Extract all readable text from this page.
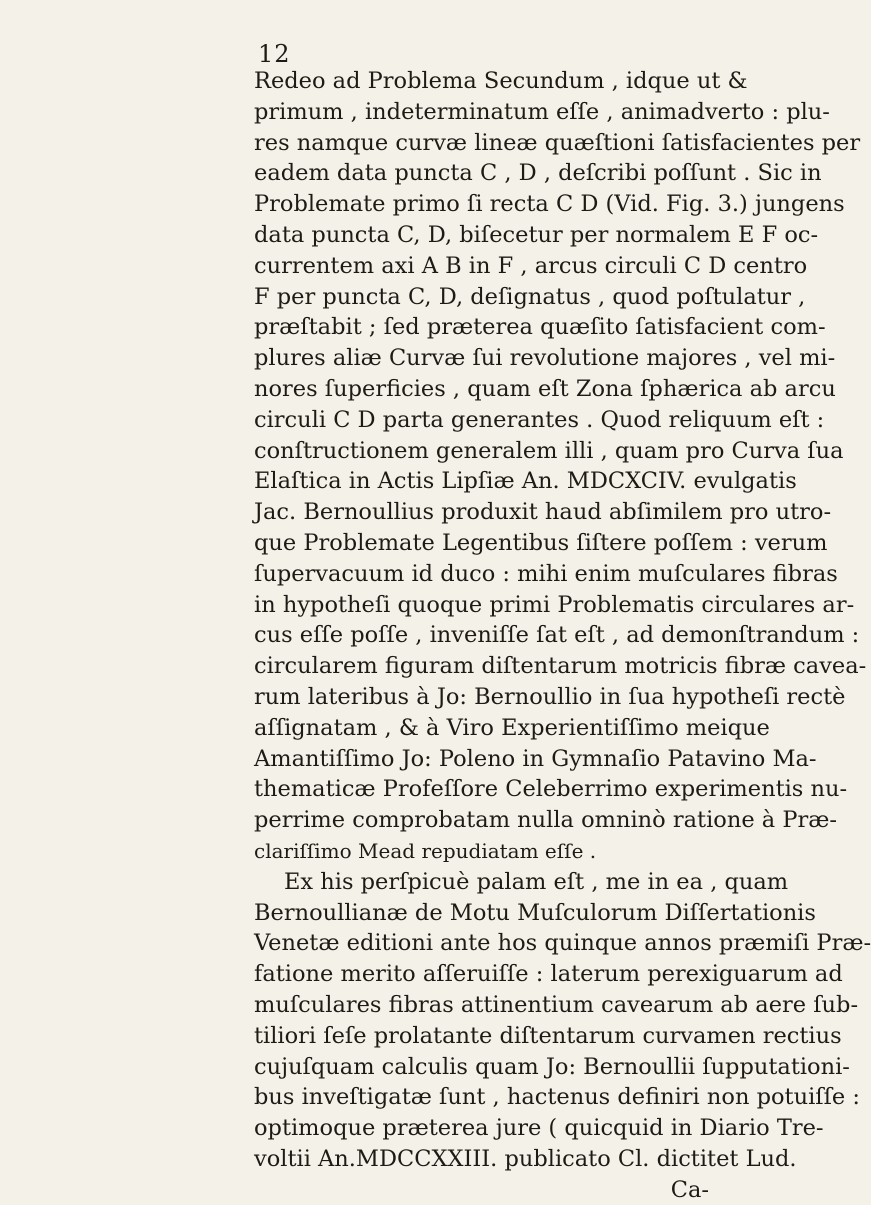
12
Redeo ad Problema Secundum , idque ut &
primum , indeterminatum eſſe , animadverto : plu-
res namque curvæ lineæ quæſtioni ſatisfacientes per
eadem data puncta C , D , deſcribi poſſunt . Sic in
Problemate primo ſi recta C D (Vid. Fig. 3.) jungens
data puncta C, D, biſecetur per normalem E F oc-
currentem axi A B in F , arcus circuli C D centro
F per puncta C, D, deſignatus , quod poſtulatur ,
præſtabit ; ſed præterea quæſito ſatisfacient com-
plures aliæ Curvæ ſui revolutione majores , vel mi-
nores ſuperficies , quam eſt Zona ſphærica ab arcu
circuli C D parta generantes . Quod reliquum eſt :
conſtructionem generalem illi , quam pro Curva ſua
Elaſtica in Actis Lipſiæ An. MDCXCIV. evulgatis
Jac. Bernoullius produxit haud abſimilem pro utro-
que Problemate Legentibus ſiſtere poſſem : verum
ſupervacuum id duco : mihi enim muſculares fibras
in hypotheſi quoque primi Problematis circulares ar-
cus eſſe poſſe , inveniſſe ſat eſt , ad demonſtrandum :
circularem figuram diſtentarum motricis fibræ cavea-
rum lateribus à Jo: Bernoullio in ſua hypotheſi rectè
aſſignatam , & à Viro Experientiſſimo meique
Amantiſſimo Jo: Poleno in Gymnaſio Patavino Ma-
thematicæ Profeſſore Celeberrimo experimentis nu-
perrime comprobatam nulla omninò ratione à Præ-
clariſſimo Mead repudiatam eſſe .
Ex his perſpicuè palam eſt , me in ea , quam
Bernoullianæ de Motu Muſculorum Diſſertationis
Venetæ editioni ante hos quinque annos præmiſi Præ-
fatione merito aſſeruiſſe : laterum perexiguarum ad
muſculares fibras attinentium cavearum ab aere ſub-
tiliori ſeſe prolatante diſtentarum curvamen rectius
cujuſquam calculis quam Jo: Bernoullii ſupputationi-
bus inveſtigatæ ſunt , hactenus definiri non potuiſſe :
optimoque præterea jure ( quicquid in Diario Tre-
voltii An.MDCCXXIII. publicato Cl. dictitet Lud.
Ca-
